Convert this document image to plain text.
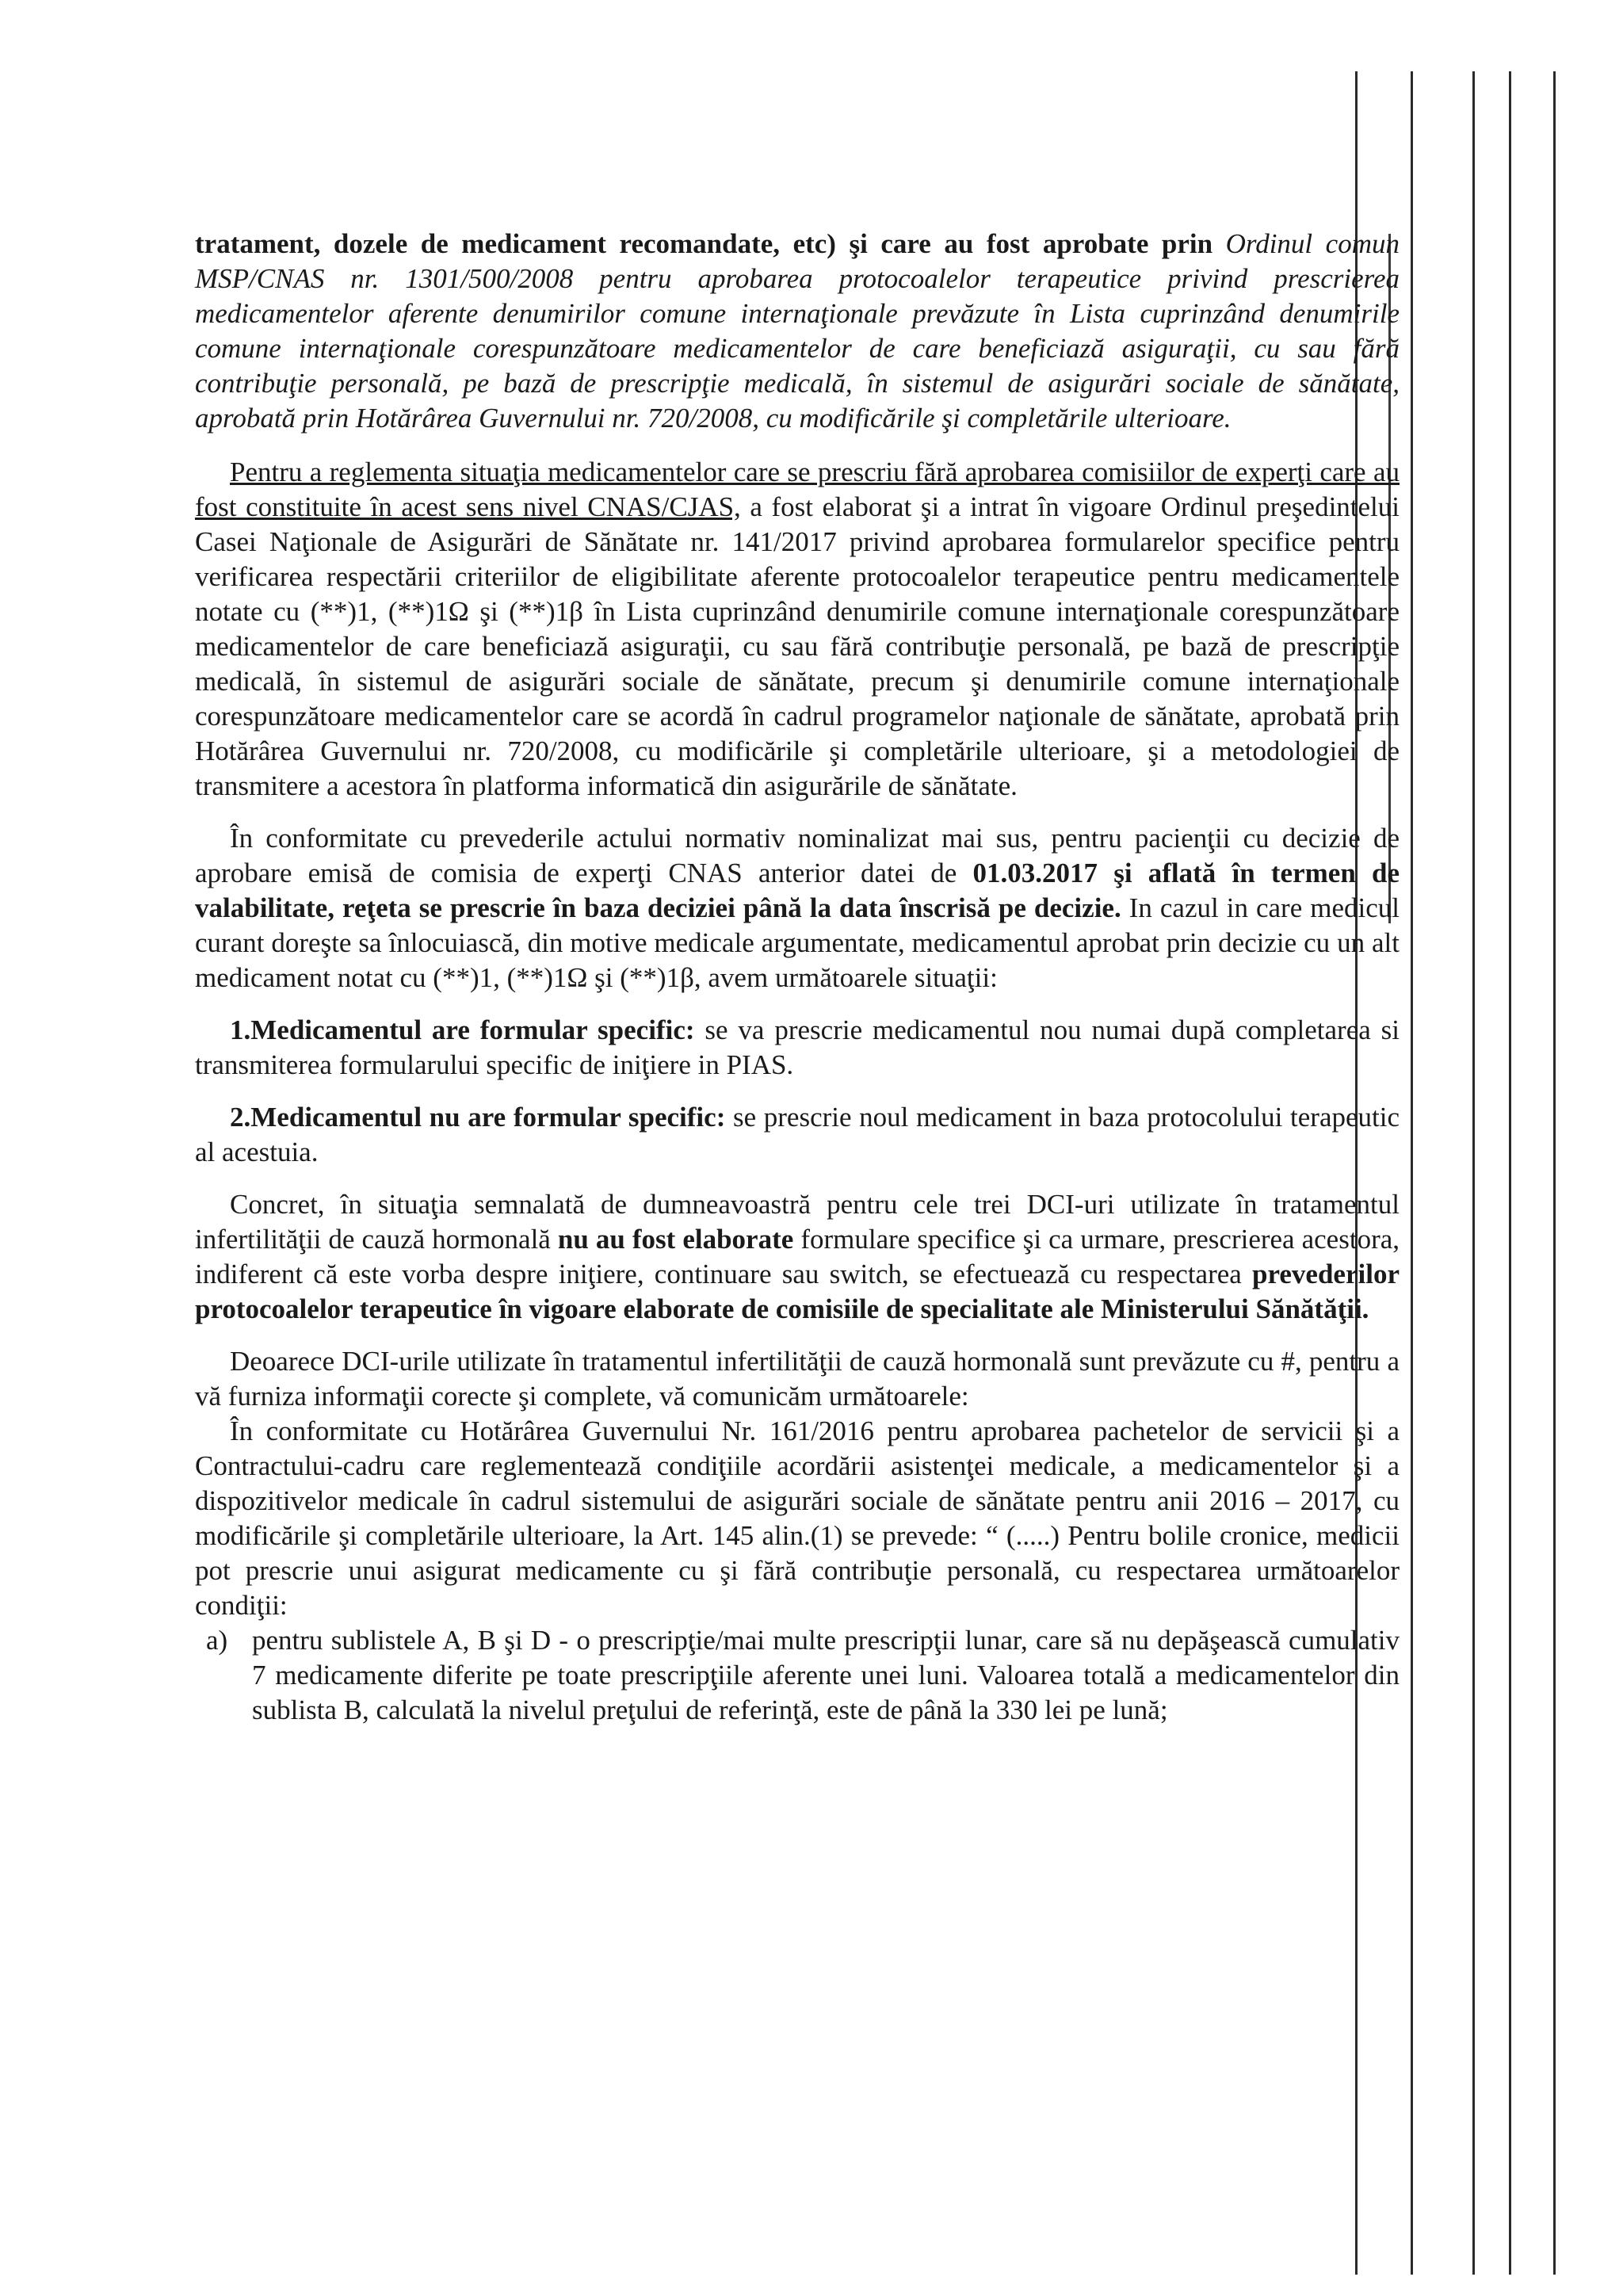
tratament, dozele de medicament recomandate, etc) şi care au fost aprobate prin Ordinul comun MSP/CNAS nr. 1301/500/2008 pentru aprobarea protocoalelor terapeutice privind prescrierea medicamentelor aferente denumirilor comune internaţionale prevăzute în Lista cuprinzând denumirile comune internaţionale corespunzătoare medicamentelor de care beneficiază asiguraţii, cu sau fără contribuţie personală, pe bază de prescripţie medicală, în sistemul de asigurări sociale de sănătate, aprobată prin Hotărârea Guvernului nr. 720/2008, cu modificările şi completările ulterioare.

Pentru a reglementa situaţia medicamentelor care se prescriu fără aprobarea comisiilor de experţi care au fost constituite în acest sens nivel CNAS/CJAS, a fost elaborat şi a intrat în vigoare Ordinul preşedintelui Casei Naţionale de Asigurări de Sănătate nr. 141/2017 privind aprobarea formularelor specifice pentru verificarea respectării criteriilor de eligibilitate aferente protocoalelor terapeutice pentru medicamentele notate cu (**)1, (**)1Ω şi (**)1β în Lista cuprinzând denumirile comune internaţionale corespunzătoare medicamentelor de care beneficiază asiguraţii, cu sau fără contribuţie personală, pe bază de prescripţie medicală, în sistemul de asigurări sociale de sănătate, precum şi denumirile comune internaţionale corespunzătoare medicamentelor care se acordă în cadrul programelor naţionale de sănătate, aprobată prin Hotărârea Guvernului nr. 720/2008, cu modificările şi completările ulterioare, şi a metodologiei de transmitere a acestora în platforma informatică din asigurările de sănătate.

În conformitate cu prevederile actului normativ nominalizat mai sus, pentru pacienţii cu decizie de aprobare emisă de comisia de experţi CNAS anterior datei de 01.03.2017 şi aflată în termen de valabilitate, reţeta se prescrie în baza deciziei până la data înscrisă pe decizie. In cazul in care medicul curant doreşte sa înlocuiască, din motive medicale argumentate, medicamentul aprobat prin decizie cu un alt medicament notat cu (**)1, (**)1Ω şi (**)1β, avem următoarele situaţii:

1.Medicamentul are formular specific: se va prescrie medicamentul nou numai după completarea si transmiterea formularului specific de iniţiere in PIAS.

2.Medicamentul nu are formular specific: se prescrie noul medicament in baza protocolului terapeutic al acestuia.

Concret, în situaţia semnalată de dumneavoastră pentru cele trei DCI-uri utilizate în tratamentul infertilităţii de cauză hormonală nu au fost elaborate formulare specifice şi ca urmare, prescrierea acestora, indiferent că este vorba despre iniţiere, continuare sau switch, se efectuează cu respectarea prevederilor protocoalelor terapeutice în vigoare elaborate de comisiile de specialitate ale Ministerului Sănătăţii.

Deoarece DCI-urile utilizate în tratamentul infertilităţii de cauză hormonală sunt prevăzute cu #, pentru a vă furniza informaţii corecte şi complete, vă comunicăm următoarele:

În conformitate cu Hotărârea Guvernului Nr. 161/2016 pentru aprobarea pachetelor de servicii şi a Contractului-cadru care reglementează condiţiile acordării asistenţei medicale, a medicamentelor şi a dispozitivelor medicale în cadrul sistemului de asigurări sociale de sănătate pentru anii 2016 – 2017, cu modificările şi completările ulterioare, la Art. 145 alin.(1) se prevede: “ (.....) Pentru bolile cronice, medicii pot prescrie unui asigurat medicamente cu şi fără contribuţie personală, cu respectarea următoarelor condiţii:

a) pentru sublistele A, B şi D - o prescripţie/mai multe prescripţii lunar, care să nu depăşească cumulativ 7 medicamente diferite pe toate prescripţiile aferente unei luni. Valoarea totală a medicamentelor din sublista B, calculată la nivelul preţului de referinţă, este de până la 330 lei pe lună;
